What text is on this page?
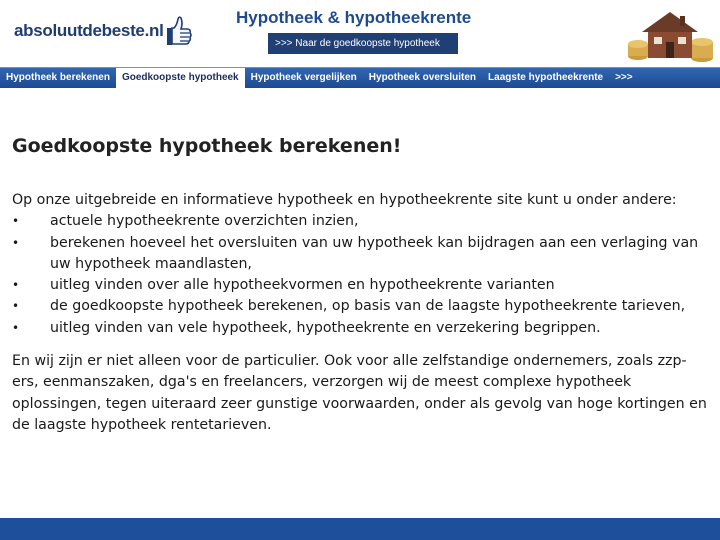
absoluutdebeste.nl
Hypotheek & hypotheekrente
>>> Naar de goedkoopste hypotheek
Hypotheek berekenen	Goedkoopste hypotheek	Hypotheek vergelijken	Hypotheek oversluiten	Laagste hypotheekrente	>>>
Goedkoopste hypotheek berekenen!

Op onze uitgebreide en informatieve hypotheek en hypotheekrente site kunt u onder andere:

•	actuele hypotheekrente overzichten inzien,
•	berekenen hoeveel het oversluiten van uw hypotheek kan bijdragen aan een verlaging van uw hypotheek maandlasten,
•	uitleg vinden over alle hypotheekvormen en hypotheekrente varianten
•	de goedkoopste hypotheek berekenen, op basis van de laagste hypotheekrente tarieven,
•	uitleg vinden van vele hypotheek, hypotheekrente en verzekering begrippen.

En wij zijn er niet alleen voor de particulier. Ook voor alle zelfstandige ondernemers, zoals zzp-ers, eenmanszaken, dga's en freelancers, verzorgen wij de meest complexe hypotheek oplossingen, tegen uiteraard zeer gunstige voorwaarden, onder als gevolg van hoge kortingen en de laagste hypotheek rentetarieven.
